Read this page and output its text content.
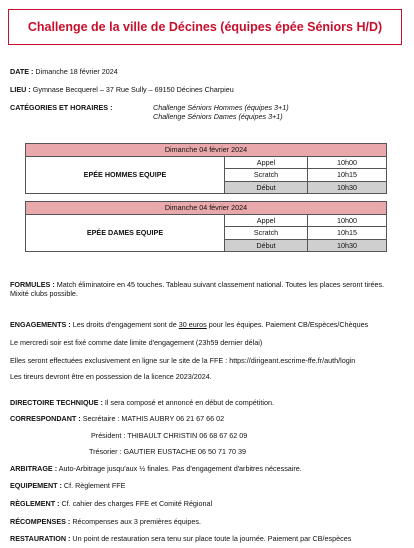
Challenge de la ville de Décines (équipes épée Séniors H/D)
DATE : Dimanche 18 février 2024
LIEU : Gymnase Becquerel – 37 Rue Sully – 69150 Décines Charpieu
CATÉGORIES ET HORAIRES :	Challenge Séniors Hommes (équipes 3+1)
Challenge Séniors Dames (équipes 3+1)
Dimanche 04 février 2024		
EPÉE HOMMES EQUIPE	Appel	10h00
	Scratch	10h15
	Début	10h30
Dimanche 04 février 2024		
EPÉE DAMES EQUIPE	Appel	10h00
	Scratch	10h15
	Début	10h30
FORMULES : Match éliminatoire en 45 touches. Tableau suivant classement national. Toutes les places seront tirées.
Mixité clubs possible.
ENGAGEMENTS : Les droits d'engagement sont de 30 euros pour les équipes. Paiement CB/Espèces/Chèques
Le mercredi soir est fixé comme date limite d'engagement (23h59 dernier délai)
Elles seront effectuées exclusivement en ligne sur le site de la FFE : https://dirigeant.escrime-ffe.fr/auth/login
Les tireurs devront être en possession de la licence 2023/2024.
DIRECTOIRE TECHNIQUE : Il sera composé et annoncé en début de compétition.
CORRESPONDANT : Secrétaire : MATHIS AUBRY 06 21 67 66 02
Président : THIBAULT CHRISTIN 06 68 67 62 09
Trésorier : GAUTIER EUSTACHE 06 50 71 70 39
ARBITRAGE : Auto-Arbitrage jusqu'aux ½ finales. Pas d'engagement d'arbitres nécessaire.
EQUIPEMENT : Cf. Règlement FFE
RÈGLEMENT : Cf. cahier des charges FFE et Comité Régional
RÉCOMPENSES : Récompenses aux 3 premières équipes.
RESTAURATION : Un point de restauration sera tenu sur place toute la journée. Paiement par CB/espèces
